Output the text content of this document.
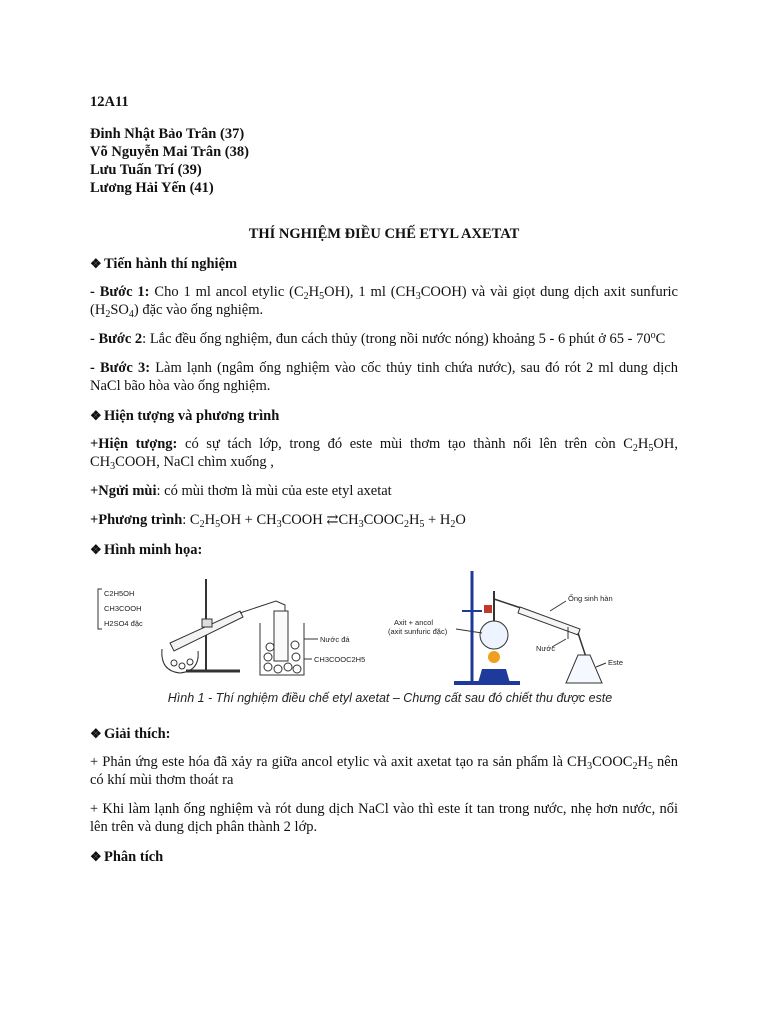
12A11

Đinh Nhật Bảo Trân (37)

Võ Nguyễn Mai Trân (38)

Lưu Tuấn Trí (39)

Lương Hải Yến (41)

THÍ NGHIỆM ĐIỀU CHẾ ETYL AXETAT

❖ Tiến hành thí nghiệm

- Bước 1: Cho 1 ml ancol etylic $(C_2H_5OH)$, 1 ml $(CH_3COOH)$ và vài giọt dung dịch axit sunfuric $(H_2SO_4)$ đặc vào ống nghiệm.

- Bước 2: Lắc đều ống nghiệm, đun cách thủy (trong nồi nước nóng) khoảng 5 - 6 phút ở 65 - 70$^o$C

- Bước 3: Làm lạnh (ngâm ống nghiệm vào cốc thủy tinh chứa nước), sau đó rót 2 ml dung dịch NaCl bão hòa vào ống nghiệm.

❖ Hiện tượng và phương trình

+Hiện tượng: có sự tách lớp, trong đó este mùi thơm tạo thành nổi lên trên còn $C_2H_5OH$, $CH_3COOH$, NaCl chìm xuống ,

+Ngửi mùi: có mùi thơm là mùi của este etyl axetat

+Phương trình: $C_2H_5OH$ + $CH_3COOH$ $⇄CH_3COOC_2H_5 + H_2O$

❖ Hình minh họa:

C2H5OH
CH3COOH
H2SO4 đặc
Nước đá
CH3COOC2H5
Axit + ancol
(axit sunfuric đặc)
Ống sinh hàn
Nước
Este
Hình 1 - Thí nghiệm điều chế etyl axetat – Chưng cất sau đó chiết thu được este

❖ Giải thích:

+ Phản ứng este hóa đã xảy ra giữa ancol etylic và axit axetat tạo ra sản phẩm là $CH_3COOC_2H_5$ nên có khí mùi thơm thoát ra

+ Khi làm lạnh ống nghiệm và rót dung dịch NaCl vào thì este ít tan trong nước, nhẹ hơn nước, nổi lên trên và dung dịch phân thành 2 lớp.

❖ Phân tích
